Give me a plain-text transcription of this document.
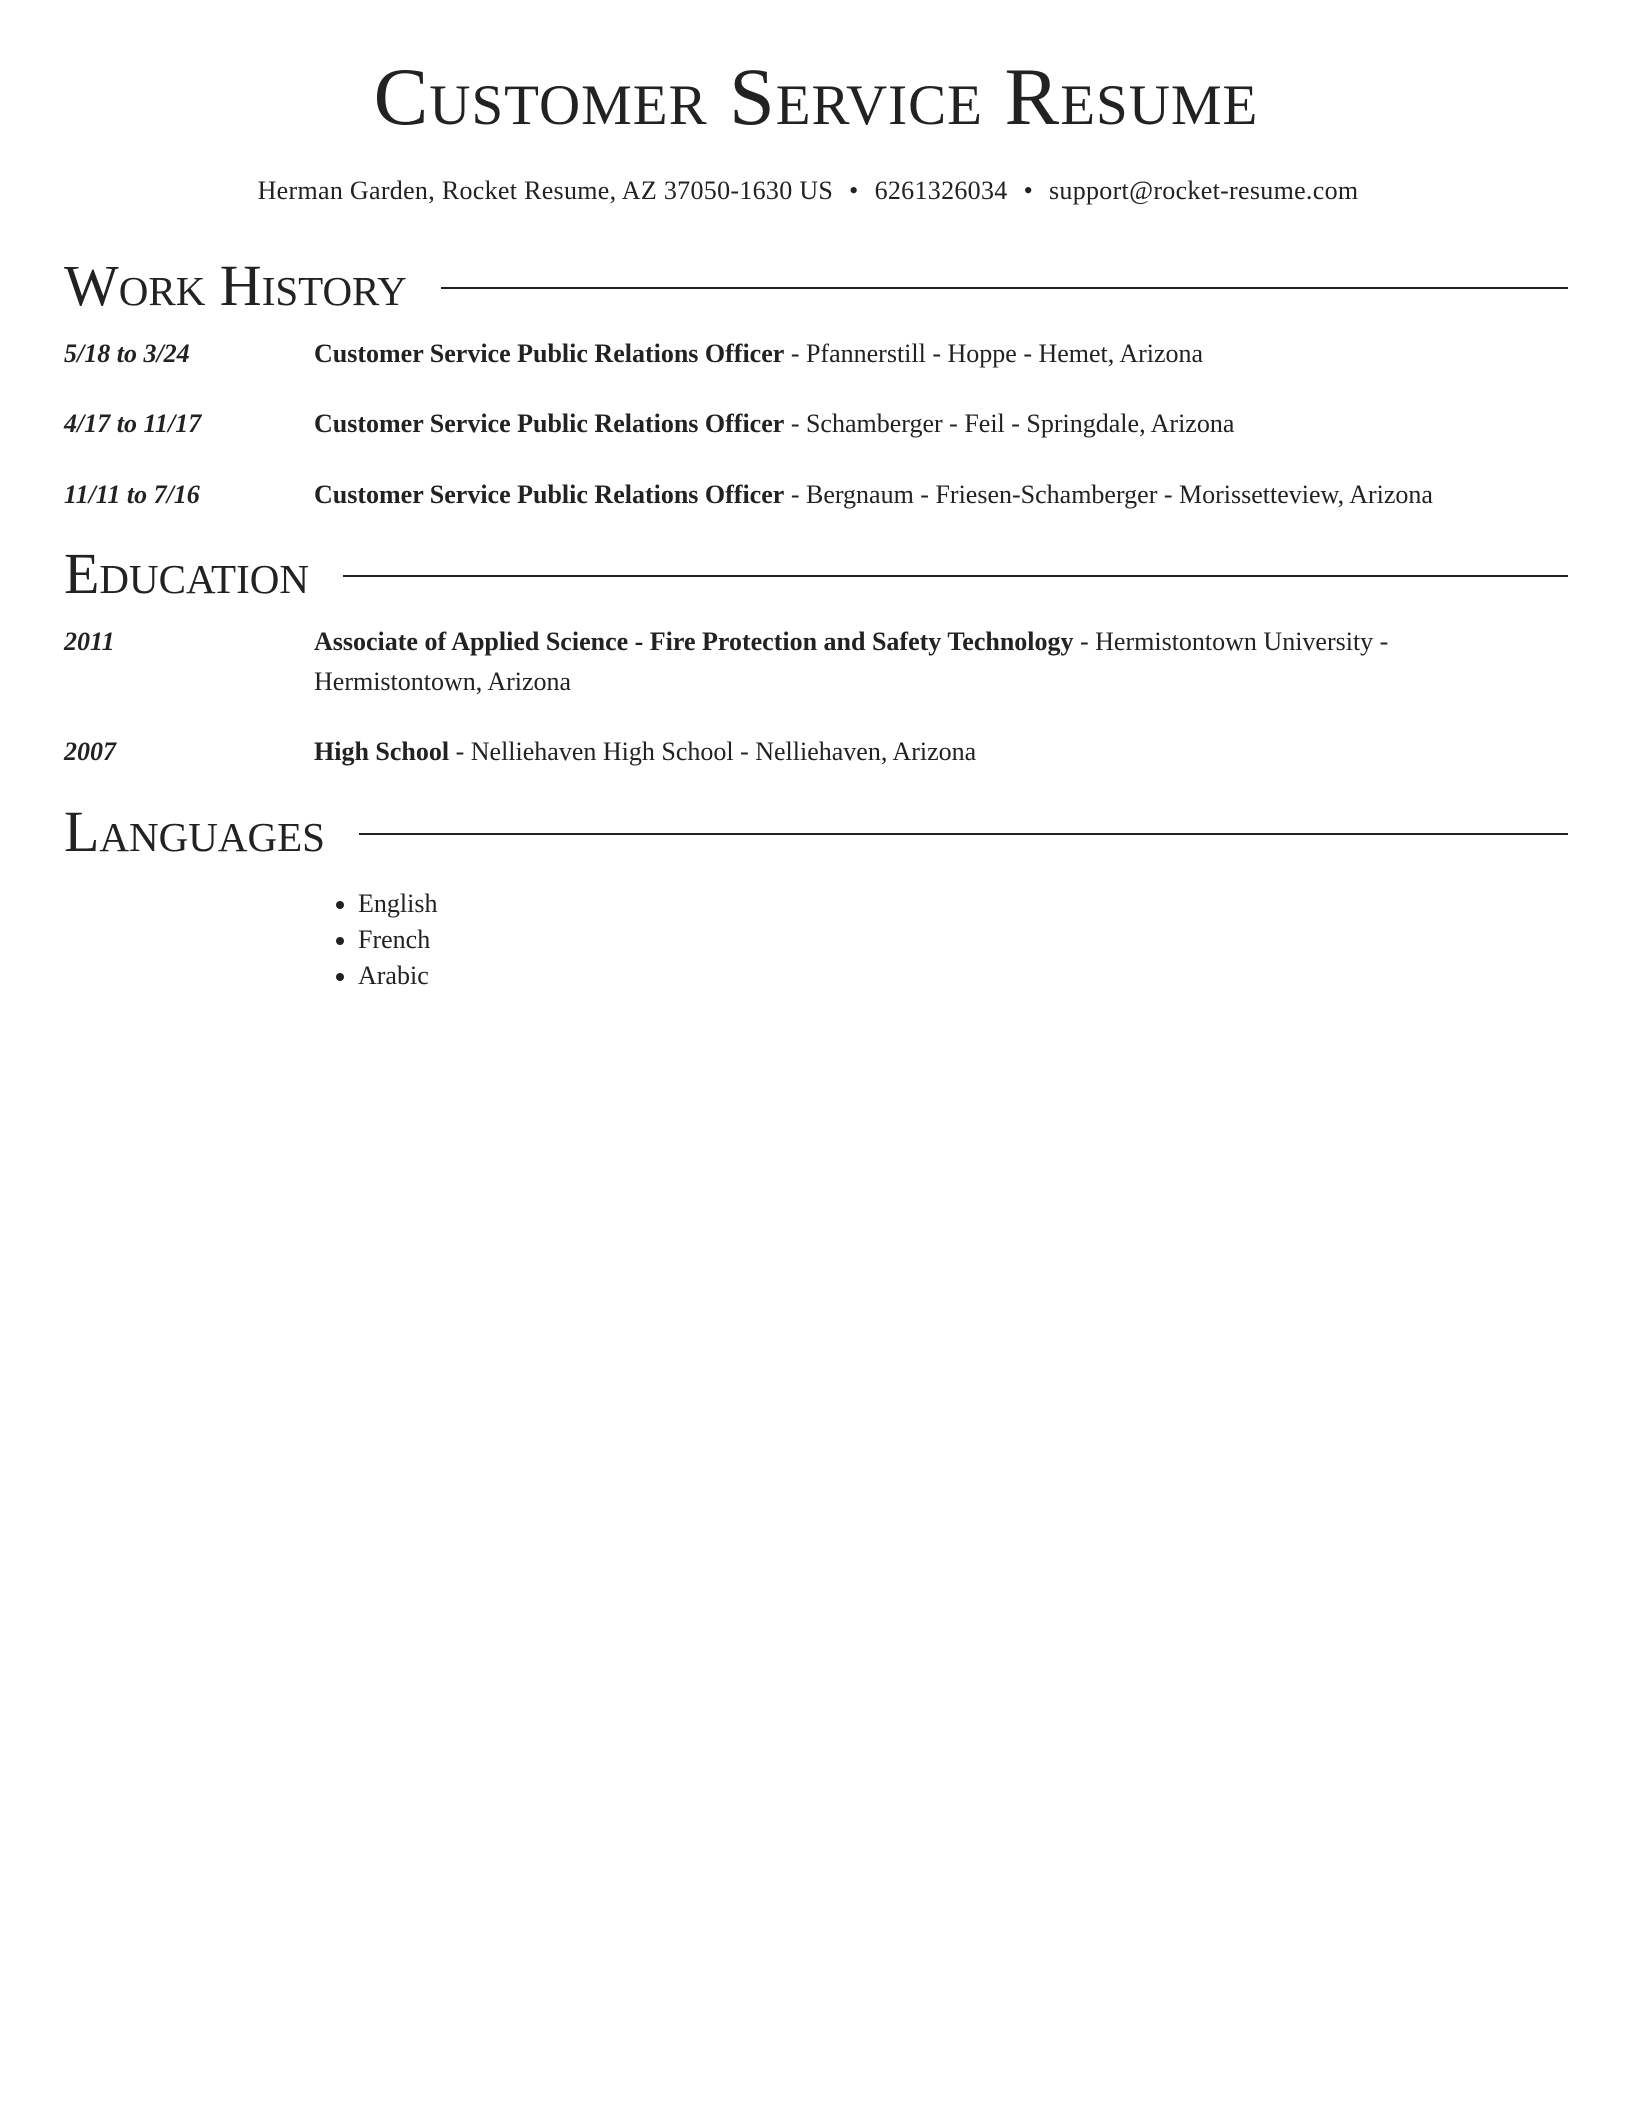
Customer Service Resume
Herman Garden, Rocket Resume, AZ 37050-1630 US • 6261326034 • support@rocket-resume.com
Work History
5/18 to 3/24	Customer Service Public Relations Officer - Pfannerstill - Hoppe - Hemet, Arizona
4/17 to 11/17	Customer Service Public Relations Officer - Schamberger - Feil - Springdale, Arizona
11/11 to 7/16	Customer Service Public Relations Officer - Bergnaum - Friesen-Schamberger - Morissetteview, Arizona
Education
2011	Associate of Applied Science - Fire Protection and Safety Technology - Hermistontown University - Hermistontown, Arizona
2007	High School - Nelliehaven High School - Nelliehaven, Arizona
Languages
• English
• French
• Arabic
